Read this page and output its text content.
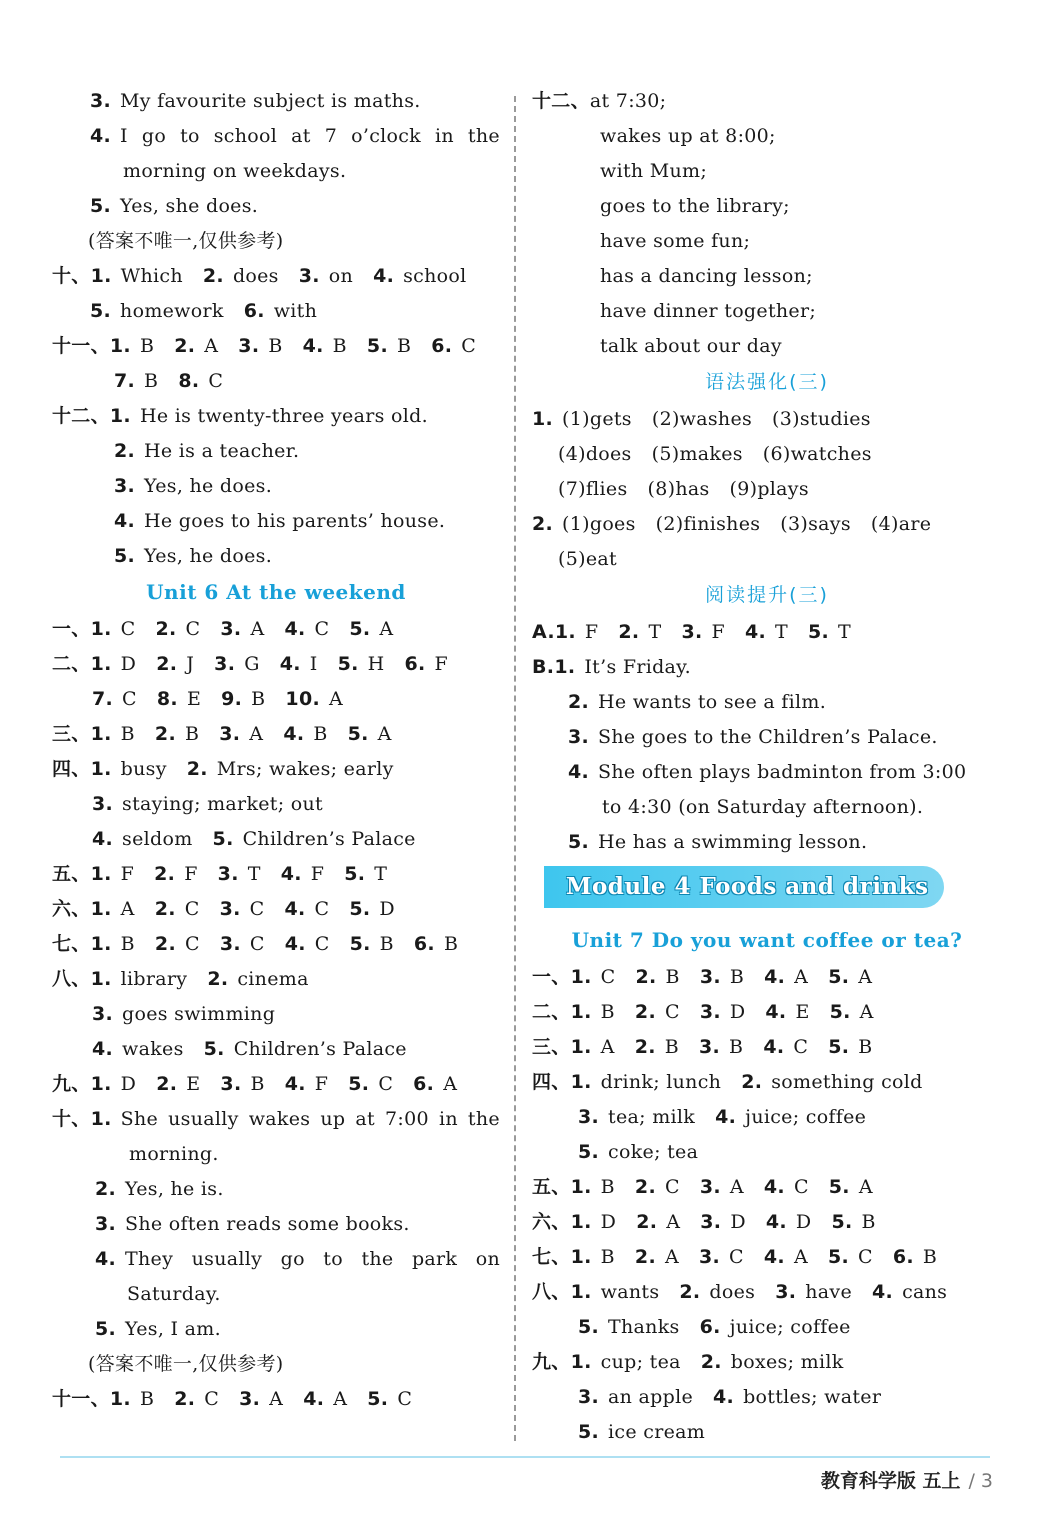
3. My favourite subject is maths.
4. I go to school at 7 o’clock in the
morning on weekdays.
5. Yes, she does.
(答案不唯一,仅供参考)
十、 1. Which 2. does 3. on 4. school
5. homework 6. with
十一、 1. B 2. A 3. B 4. B 5. B 6. C
7. B 8. C
十二、 1. He is twenty-three years old.
2. He is a teacher.
3. Yes, he does.
4. He goes to his parents’ house.
5. Yes, he does.
Unit 6 At the weekend
一、 1. C 2. C 3. A 4. C 5. A
二、 1. D 2. J 3. G 4. I 5. H 6. F
7. C 8. E 9. B 10. A
三、 1. B 2. B 3. A 4. B 5. A
四、 1. busy 2. Mrs; wakes; early
3. staying; market; out
4. seldom 5. Children’s Palace
五、 1. F 2. F 3. T 4. F 5. T
六、 1. A 2. C 3. C 4. C 5. D
七、 1. B 2. C 3. C 4. C 5. B 6. B
八、 1. library 2. cinema
3. goes swimming
4. wakes 5. Children’s Palace
九、 1. D 2. E 3. B 4. F 5. C 6. A
十、 1. She usually wakes up at 7:00 in the
morning.
2. Yes, he is.
3. She often reads some books.
4. They usually go to the park on
Saturday.
5. Yes, I am.
(答案不唯一,仅供参考)
十一、 1. B 2. C 3. A 4. A 5. C
十二、 at 7:30;
wakes up at 8:00;
with Mum;
goes to the library;
have some fun;
has a dancing lesson;
have dinner together;
talk about our day
语法强化(三)
1. (1)gets (2)washes (3)studies
(4)does (5)makes (6)watches
(7)flies (8)has (9)plays
2. (1)goes (2)finishes (3)says (4)are
(5)eat
阅读提升(三)
A. 1. F 2. T 3. F 4. T 5. T
B. 1. It’s Friday.
2. He wants to see a film.
3. She goes to the Children’s Palace.
4. She often plays badminton from 3:00
to 4:30 (on Saturday afternoon).
5. He has a swimming lesson.
Module 4 Foods and drinks
Unit 7 Do you want coffee or tea?
一、 1. C 2. B 3. B 4. A 5. A
二、 1. B 2. C 3. D 4. E 5. A
三、 1. A 2. B 3. B 4. C 5. B
四、 1. drink; lunch 2. something cold
3. tea; milk 4. juice; coffee
5. coke; tea
五、 1. B 2. C 3. A 4. C 5. A
六、 1. D 2. A 3. D 4. D 5. B
七、 1. B 2. A 3. C 4. A 5. C 6. B
八、 1. wants 2. does 3. have 4. cans
5. Thanks 6. juice; coffee
九、 1. cup; tea 2. boxes; milk
3. an apple 4. bottles; water
5. ice cream
教育科学版 五上 / 3
